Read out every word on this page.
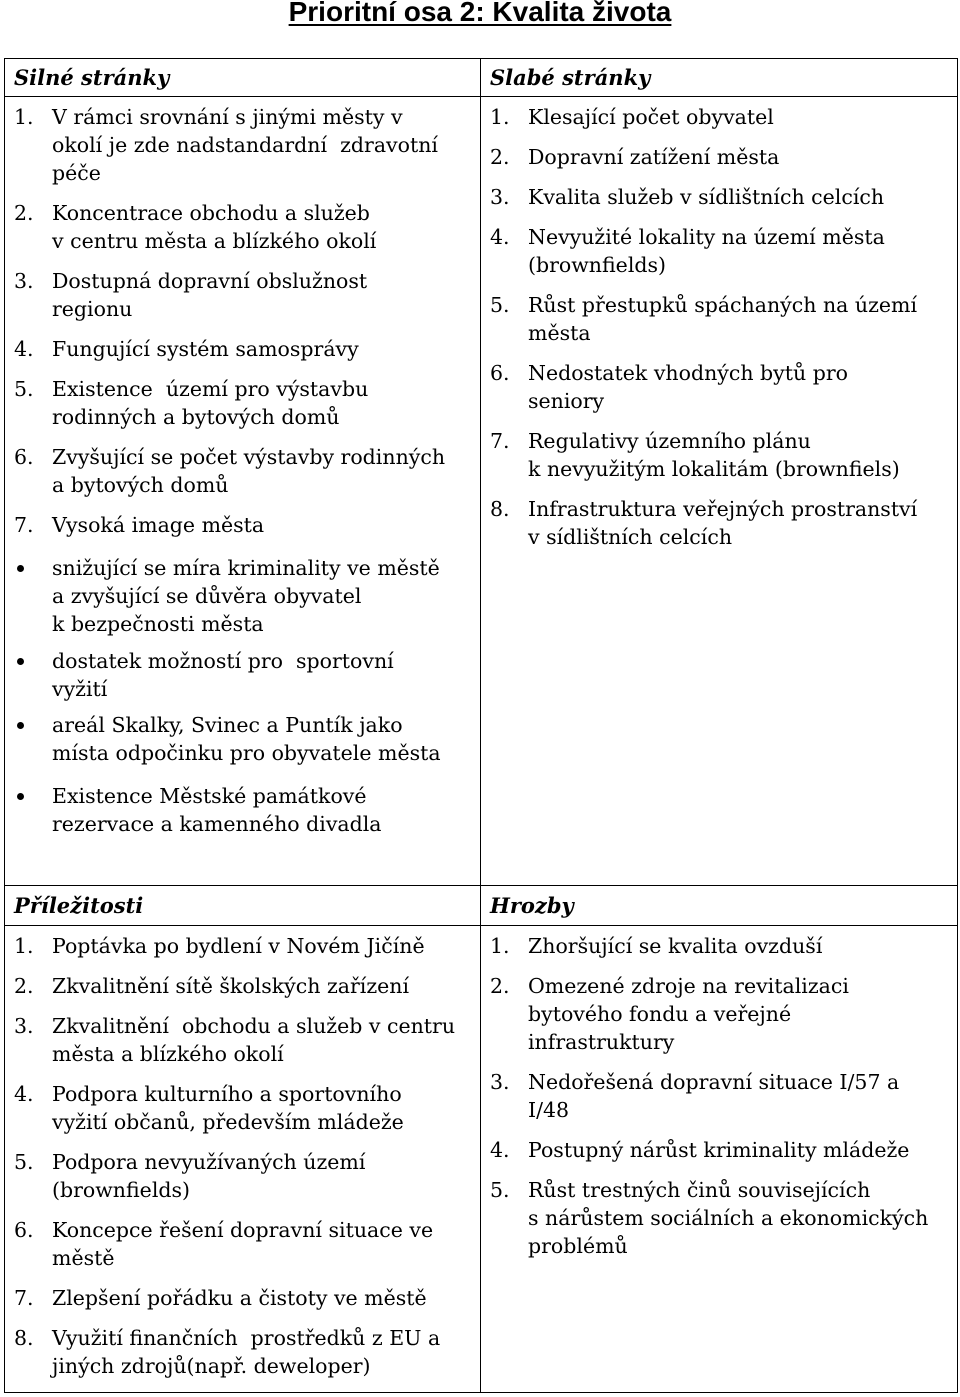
Prioritní osa 2: Kvalita života
Silné stránky	Slabé stránky
1. V rámci srovnání s jinými městy v
okolí je zde nadstandardní  zdravotní
péče
2. Koncentrace obchodu a služeb
v centru města a blízkého okolí
3. Dostupná dopravní obslužnost
regionu
4. Fungující systém samosprávy
5. Existence  území pro výstavbu
rodinných a bytových domů
6. Zvyšující se počet výstavby rodinných
a bytových domů
7. Vysoká image města
snižující se míra kriminality ve městě
a zvyšující se důvěra obyvatel
k bezpečnosti města
dostatek možností pro  sportovní
vyžití
areál Skalky, Svinec a Puntík jako
místa odpočinku pro obyvatele města
Existence Městské památkové
rezervace a kamenného divadla
1. Klesající počet obyvatel
2. Dopravní zatížení města
3. Kvalita služeb v sídlištních celcích
4. Nevyužité lokality na území města
(brownfields)
5. Růst přestupků spáchaných na území
města
6. Nedostatek vhodných bytů pro
seniory
7. Regulativy územního plánu
k nevyužitým lokalitám (brownfiels)
8. Infrastruktura veřejných prostranství
v sídlištních celcích
Příležitosti	Hrozby
1. Poptávka po bydlení v Novém Jičíně
2. Zkvalitnění sítě školských zařízení
3. Zkvalitnění  obchodu a služeb v centru
města a blízkého okolí
4. Podpora kulturního a sportovního
vyžití občanů, především mládeže
5. Podpora nevyužívaných území
(brownfields)
6. Koncepce řešení dopravní situace ve
městě
7. Zlepšení pořádku a čistoty ve městě
8. Využití finančních  prostředků z EU a
jiných zdrojů(např. deweloper)
1. Zhoršující se kvalita ovzduší
2. Omezené zdroje na revitalizaci
bytového fondu a veřejné
infrastruktury
3. Nedořešená dopravní situace I/57 a
I/48
4. Postupný nárůst kriminality mládeže
5. Růst trestných činů souvisejících
s nárůstem sociálních a ekonomických
problémů
